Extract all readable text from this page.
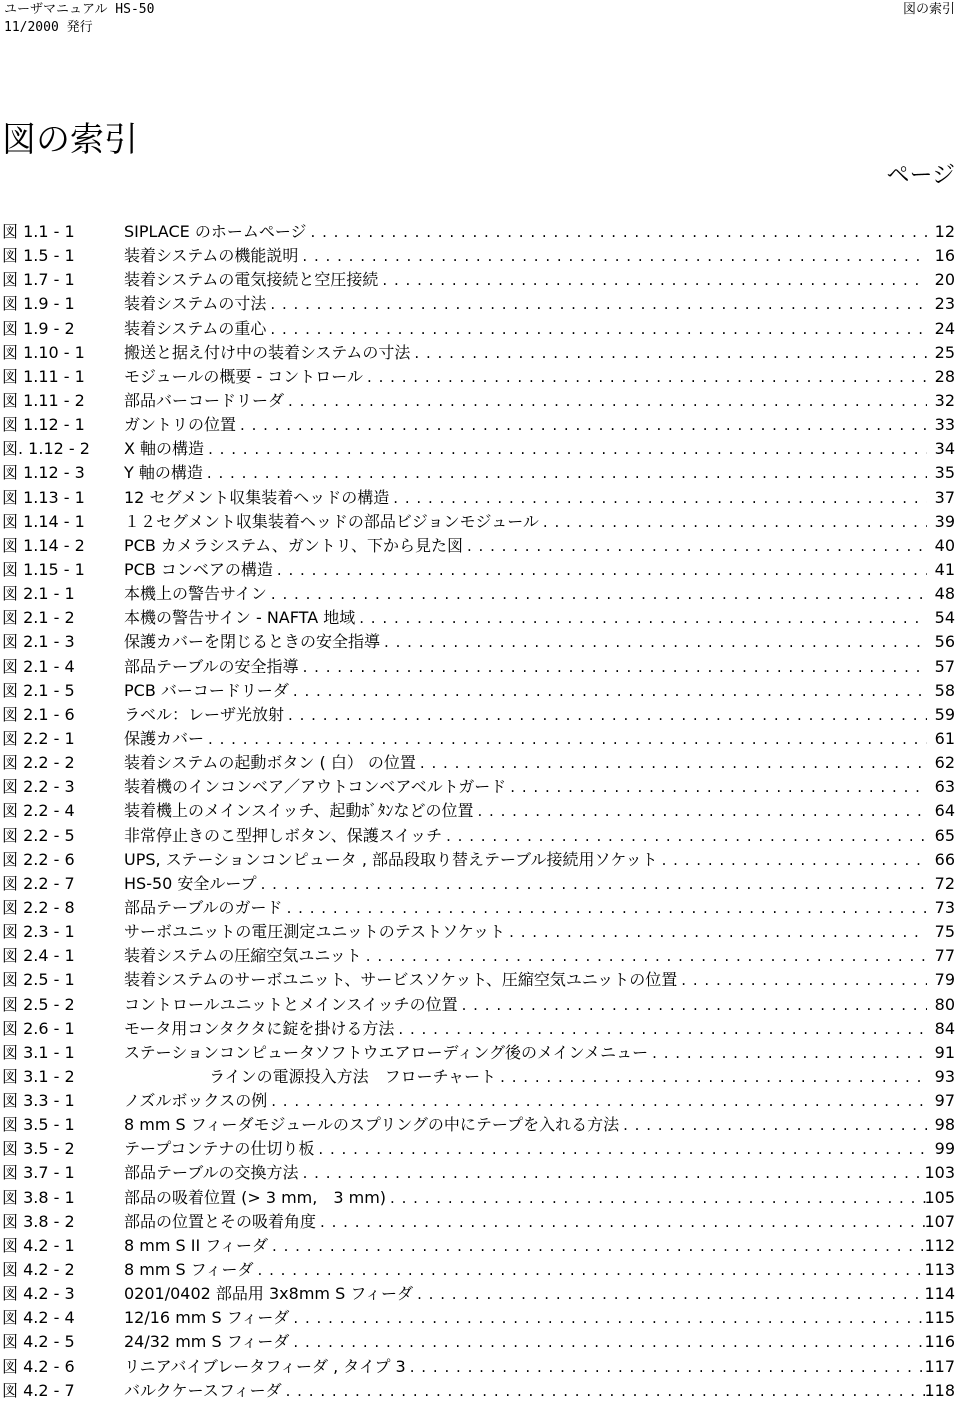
ユーザマニュアル HS-50
11/2000 発行
図の索引
図の索引
ページ
図 1.1 - 1	SIPLACE のホームページ .....	12
図 1.5 - 1	装着システムの機能説明 .....	16
図 1.7 - 1	装着システムの電気接続と空圧接続 .....	20
図 1.9 - 1	装着システムの寸法 .....	23
図 1.9 - 2	装着システムの重心 .....	24
図 1.10 - 1 搬送と据え付け中の装着システムの寸法 .....	25
図 1.11 - 1 モジュールの概要 - コントロール .....	28
図 1.11 - 2 部品バーコードリーダ .....	32
図 1.12 - 1 ガントリの位置 .....	33
図. 1.12 - 2 X 軸の構造 .....	34
図 1.12 - 3 Y 軸の構造 .....	35
図 1.13 - 1 12 セグメント収集装着ヘッドの構造 .....	37
図 1.14 - 1 １２セグメント収集装着ヘッドの部品ビジョンモジュール .....	39
図 1.14 - 2 PCB カメラシステム、ガントリ、下から見た図 .....	40
図 1.15 - 1 PCB コンベアの構造 .....	41
図 2.1 - 1	本機上の警告サイン .....	48
図 2.1 - 2	本機の警告サイン - NAFTA 地域 .....	54
図 2.1 - 3	保護カバーを閉じるときの安全指導 .....	56
図 2.1 - 4	部品テーブルの安全指導 .....	57
図 2.1 - 5	PCB バーコードリーダ .....	58
図 2.1 - 6	ラベル：レーザ光放射 .....	59
図 2.2 - 1	保護カバー .....	61
図 2.2 - 2	装着システムの起動ボタン ( 白） の位置 .....	62
図 2.2 - 3	装着機のインコンベア／アウトコンベアベルトガード .....	63
図 2.2 - 4	装着機上のメインスイッチ、起動ﾎﾞﾀﾝなどの位置 .....	64
図 2.2 - 5	非常停止きのこ型押しボタン、保護スイッチ .....	65
図 2.2 - 6	UPS, ステーションコンピュータ , 部品段取り替えテーブル接続用ソケット .....	66
図 2.2 - 7	HS-50 安全ループ .....	72
図 2.2 - 8	部品テーブルのガード .....	73
図 2.3 - 1	サーボユニットの電圧測定ユニットのテストソケット .....	75
図 2.4 - 1	装着システムの圧縮空気ユニット .....	77
図 2.5 - 1	装着システムのサーボユニット、サービスソケット、圧縮空気ユニットの位置 .....	79
図 2.5 - 2	コントロールユニットとメインスイッチの位置 .....	80
図 2.6 - 1	モータ用コンタクタに錠を掛ける方法 .....	84
図 3.1 - 1	ステーションコンピュータソフトウエアローディング後のメインメニュー .....	91
図 3.1 - 2	　　　　　 ラインの電源投入方法　フローチャート .....	93
図 3.3 - 1	ノズルボックスの例 .....	97
図 3.5 - 1	8 mm S フィーダモジュールのスプリングの中にテープを入れる方法 .....	98
図 3.5 - 2	テープコンテナの仕切り板 .....	99
図 3.7 - 1	部品テーブルの交換方法 .....	103
図 3.8 - 1	部品の吸着位置 (> 3 mm,　3 mm) .....	105
図 3.8 - 2	部品の位置とその吸着角度 .....	107
図 4.2 - 1	8 mm S II フィーダ .....	112
図 4.2 - 2	8 mm S フィーダ .....	113
図 4.2 - 3	0201/0402 部品用 3x8mm S フィーダ .....	114
図 4.2 - 4	12/16 mm S フィーダ .....	115
図 4.2 - 5	24/32 mm S フィーダ .....	116
図 4.2 - 6	リニアバイブレータフィーダ , タイプ 3 .....	117
図 4.2 - 7	バルクケースフィーダ .....	118
